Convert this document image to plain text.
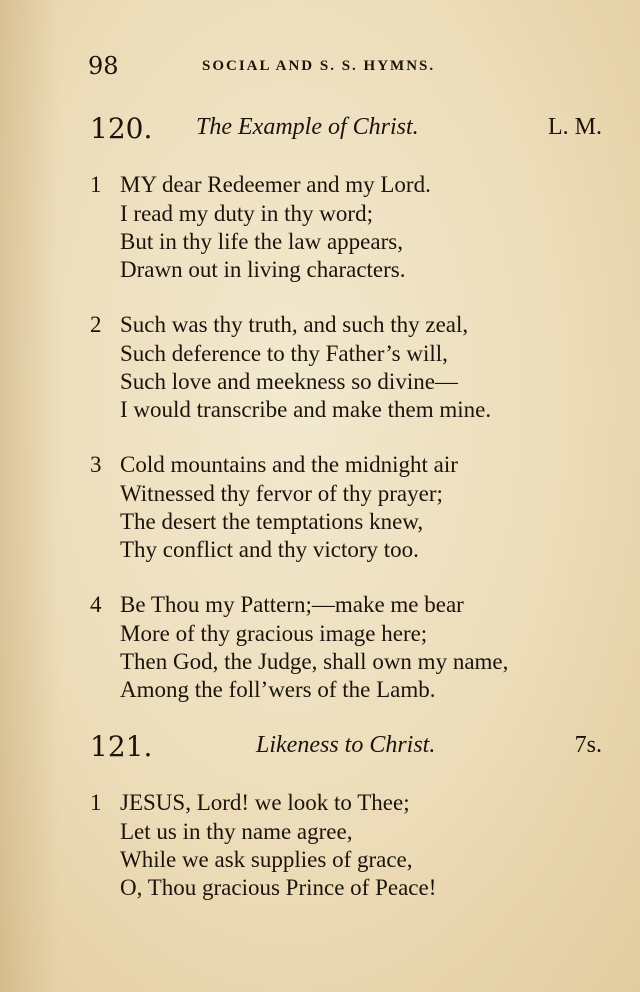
98	SOCIAL AND S. S. HYMNS.
120. The Example of Christ.	L. M.
1 MY dear Redeemer and my Lord.
I read my duty in thy word;
But in thy life the law appears,
Drawn out in living characters.
2 Such was thy truth, and such thy zeal,
Such deference to thy Father’s will,
Such love and meekness so divine—
I would transcribe and make them mine.
3 Cold mountains and the midnight air
Witnessed thy fervor of thy prayer;
The desert the temptations knew,
Thy conflict and thy victory too.
4 Be Thou my Pattern;—make me bear
More of thy gracious image here;
Then God, the Judge, shall own my name,
Among the foll’wers of the Lamb.
121.	Likeness to Christ.	7s.
1 JESUS, Lord! we look to Thee;
Let us in thy name agree,
While we ask supplies of grace,
O, Thou gracious Prince of Peace!
